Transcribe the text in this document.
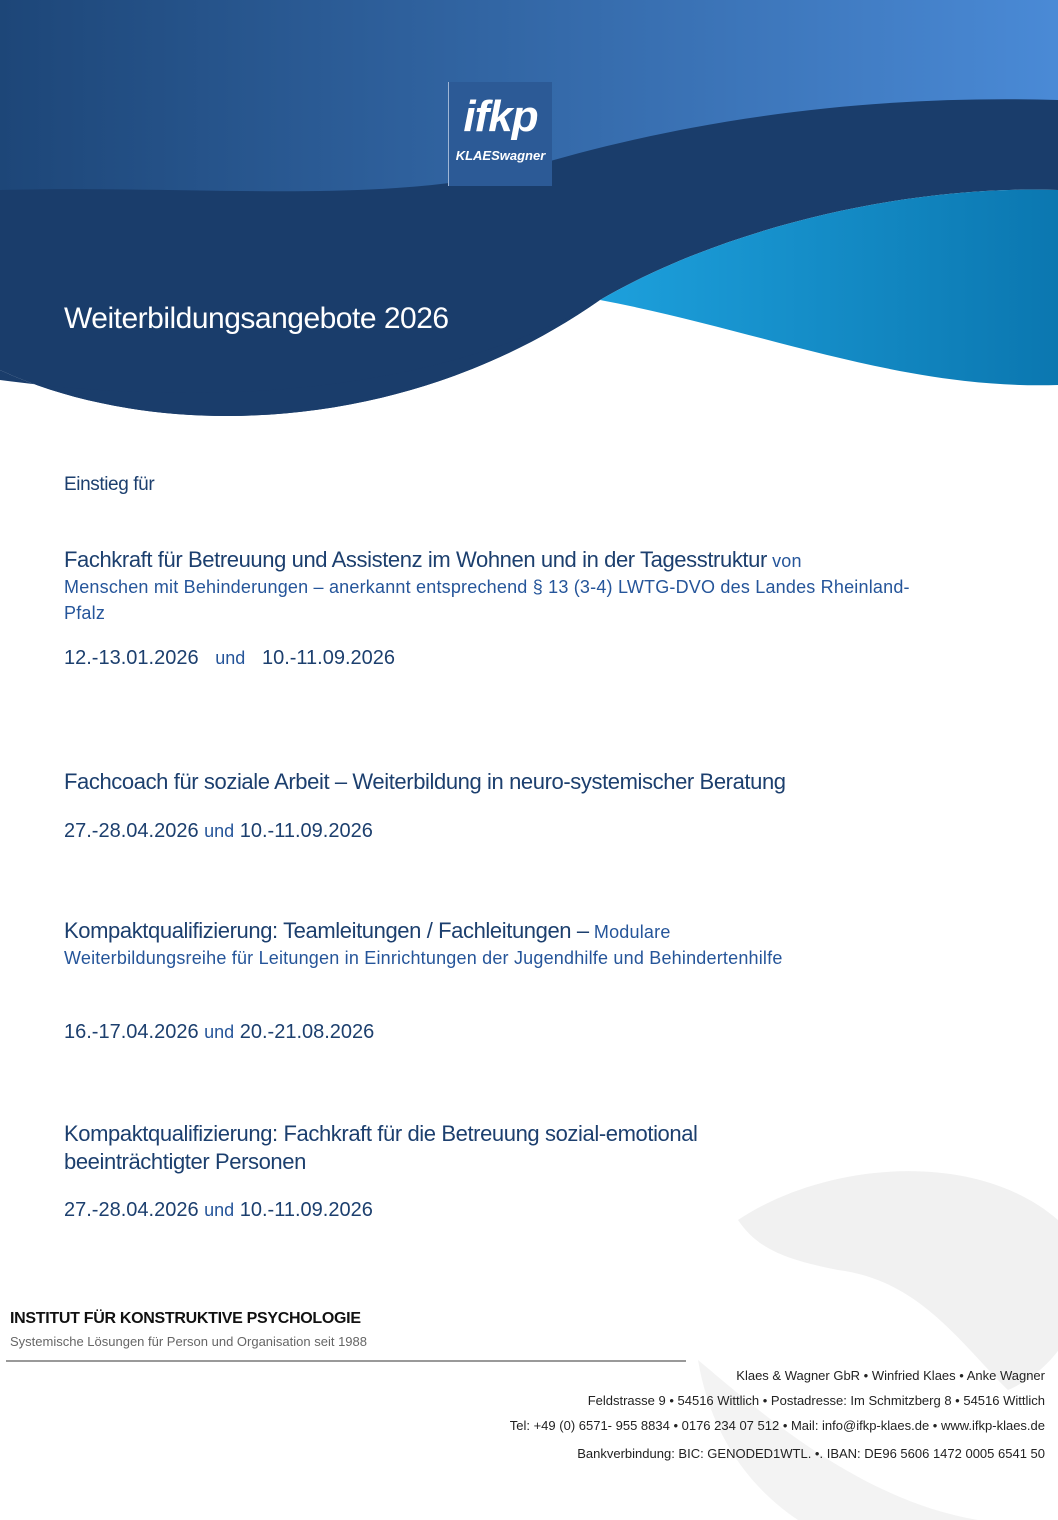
ifkp
KLAESwagner
Weiterbildungsangebote 2026
Einstieg für
Fachkraft für Betreuung und Assistenz im Wohnen und in der Tagesstruktur von
Menschen mit Behinderungen – anerkannt entsprechend § 13 (3-4) LWTG-DVO des Landes Rheinland-Pfalz
12.-13.01.2026 und 10.-11.09.2026
Fachcoach für soziale Arbeit – Weiterbildung in neuro-systemischer Beratung
27.-28.04.2026 und 10.-11.09.2026
Kompaktqualifizierung: Teamleitungen / Fachleitungen – Modulare
Weiterbildungsreihe für Leitungen in Einrichtungen der Jugendhilfe und Behindertenhilfe
16.-17.04.2026 und 20.-21.08.2026
Kompaktqualifizierung: Fachkraft für die Betreuung sozial-emotional beeinträchtigter Personen
27.-28.04.2026 und 10.-11.09.2026
INSTITUT FÜR KONSTRUKTIVE PSYCHOLOGIE
Systemische Lösungen für Person und Organisation seit 1988
Klaes & Wagner GbR • Winfried Klaes • Anke Wagner
Feldstrasse 9 • 54516 Wittlich • Postadresse: Im Schmitzberg 8 • 54516 Wittlich
Tel: +49 (0) 6571- 955 8834 • 0176 234 07 512 • Mail: info@ifkp-klaes.de • www.ifkp-klaes.de
Bankverbindung: BIC: GENODED1WTL. •. IBAN: DE96 5606 1472 0005 6541 50
